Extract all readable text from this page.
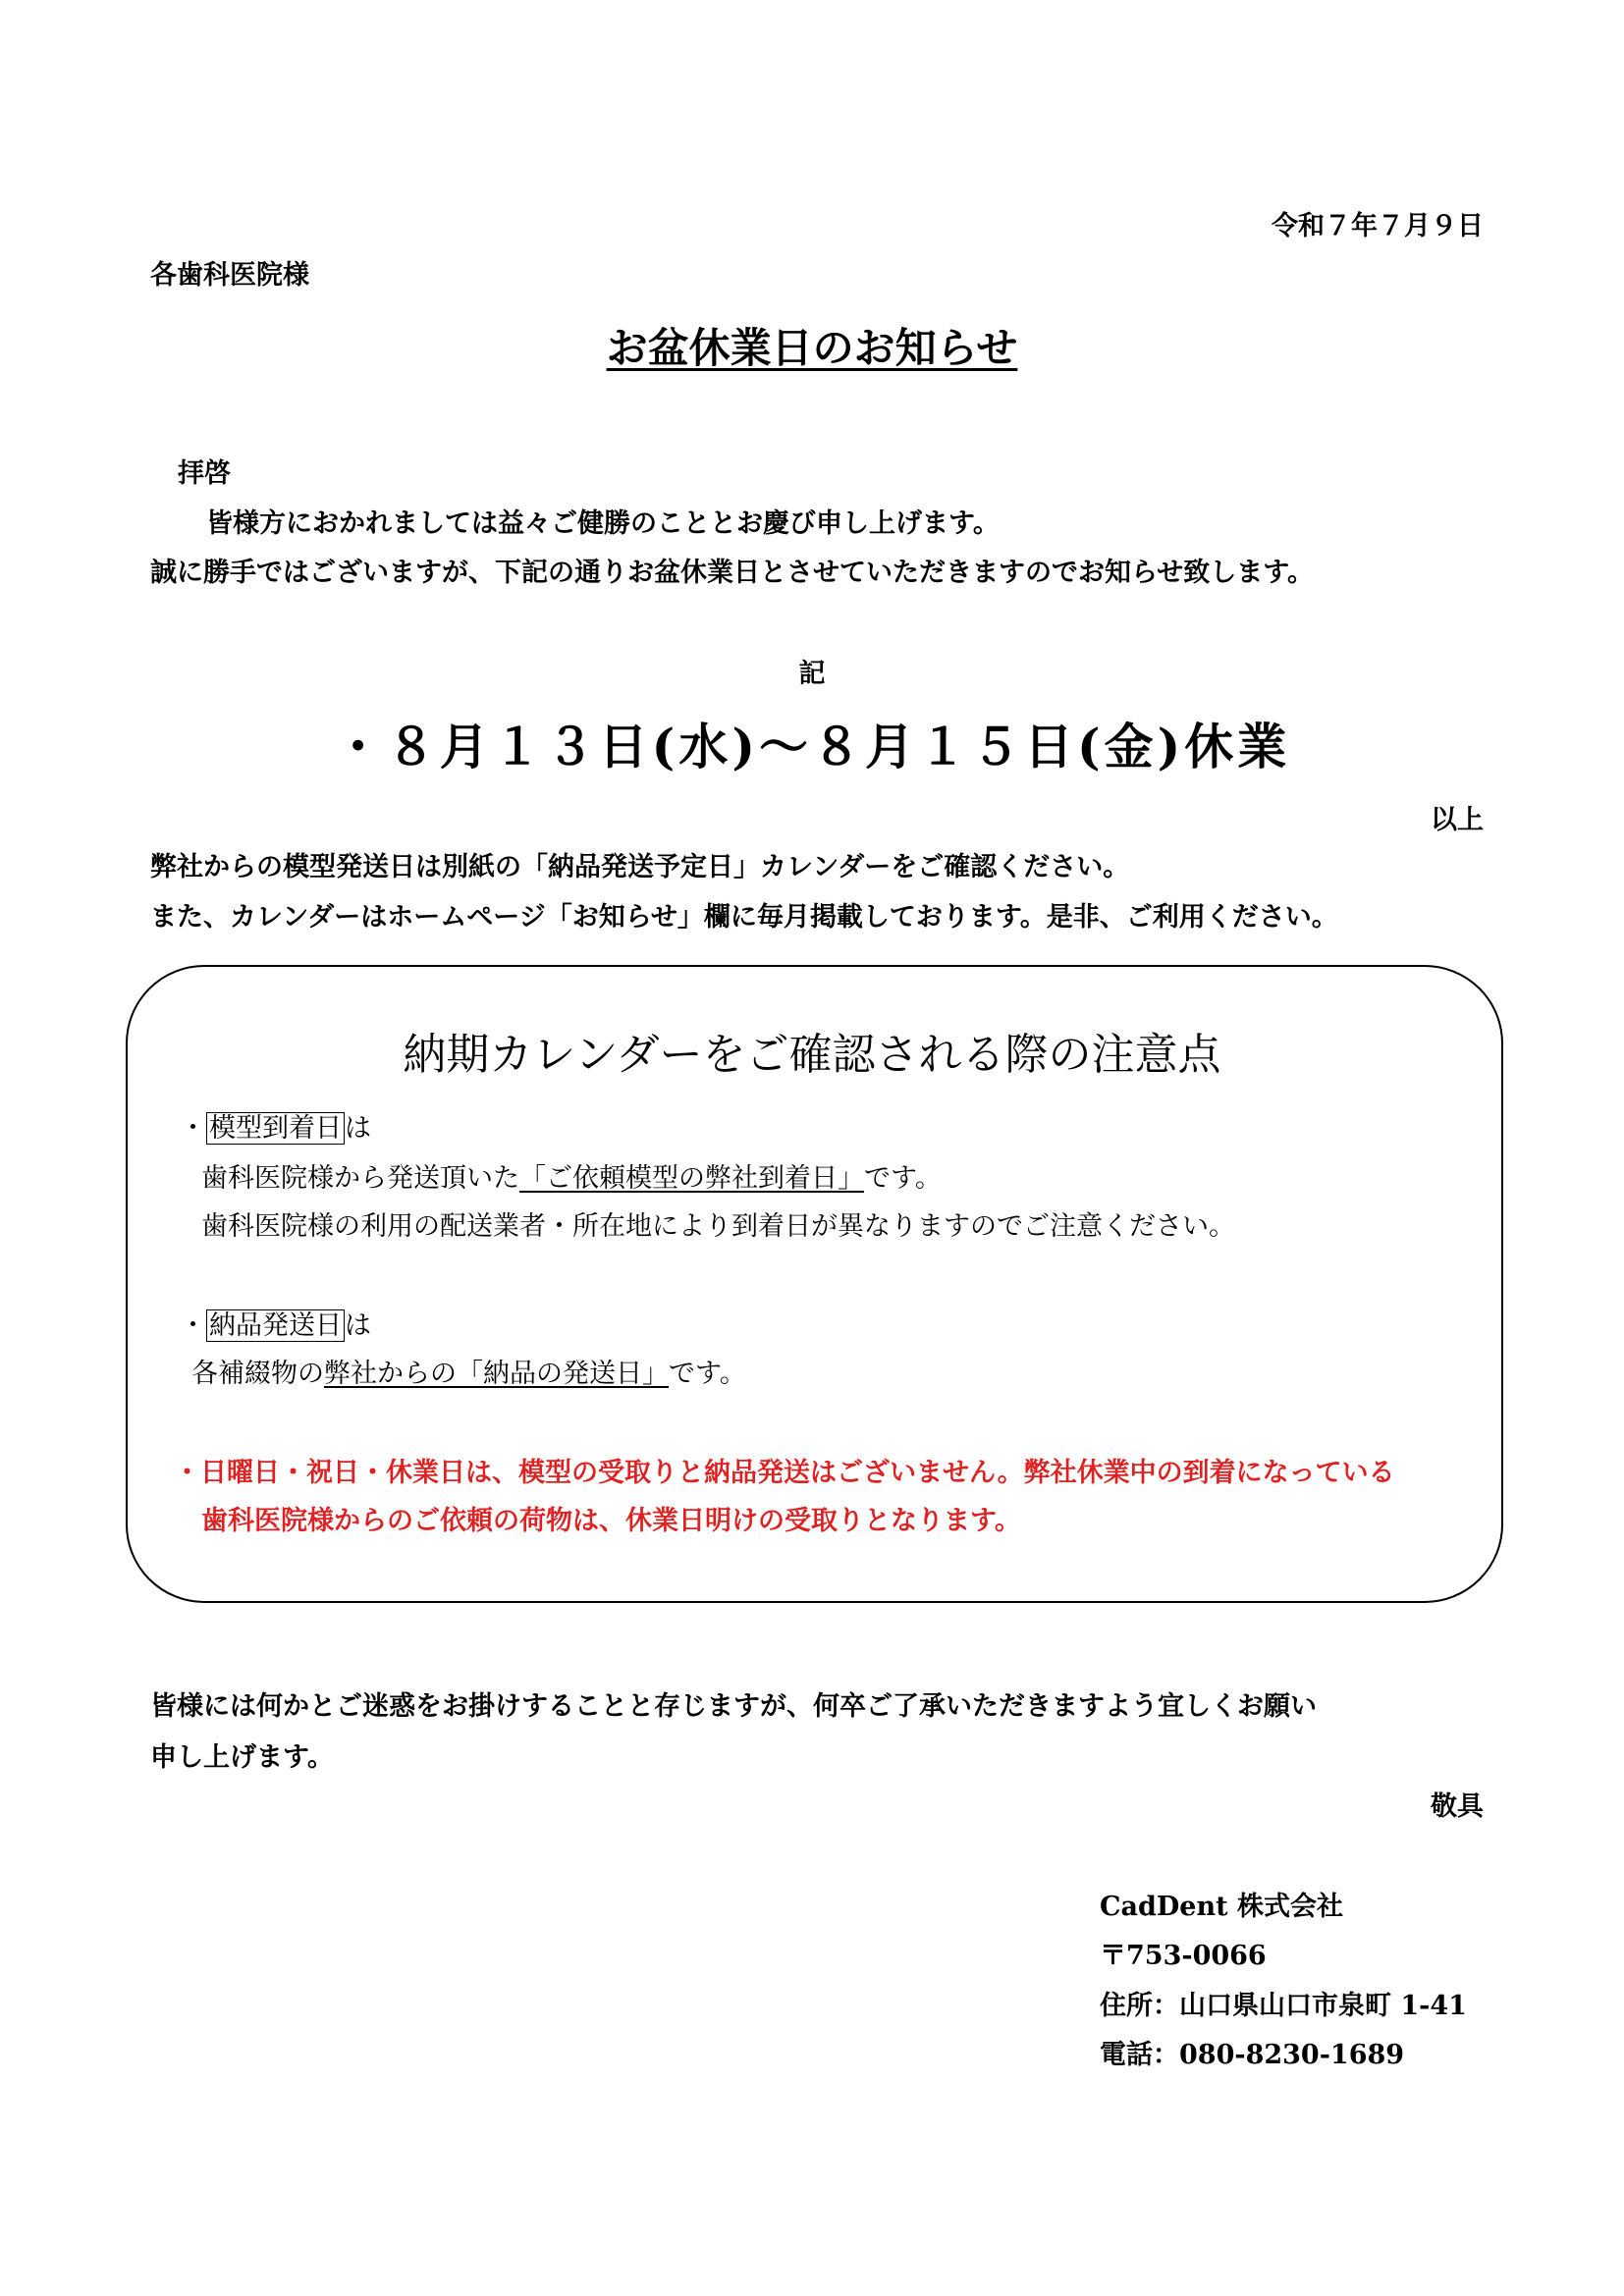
令和７年７月９日
各歯科医院様
お盆休業日のお知らせ
拝啓
皆様方におかれましては益々ご健勝のこととお慶び申し上げます。
誠に勝手ではございますが、下記の通りお盆休業日とさせていただきますのでお知らせ致します。
記
・８月１３日(水)～８月１５日(金)休業
以上
弊社からの模型発送日は別紙の「納品発送予定日」カレンダーをご確認ください。
また、カレンダーはホームページ「お知らせ」欄に毎月掲載しております。是非、ご利用ください。
納期カレンダーをご確認される際の注意点
・ 模型到着日 は
歯科医院様から発送頂いた「ご依頼模型の弊社到着日」です。
歯科医院様の利用の配送業者・所在地により到着日が異なりますのでご注意ください。
・ 納品発送日 は
各補綴物の弊社からの「納品の発送日」です。
・日曜日・祝日・休業日は、模型の受取りと納品発送はございません。弊社休業中の到着になっている
歯科医院様からのご依頼の荷物は、休業日明けの受取りとなります。
皆様には何かとご迷惑をお掛けすることと存じますが、何卒ご了承いただきますよう宜しくお願い
申し上げます。
敬具
CadDent 株式会社
〒753-0066
住所：山口県山口市泉町 1-41
電話：080-8230-1689
